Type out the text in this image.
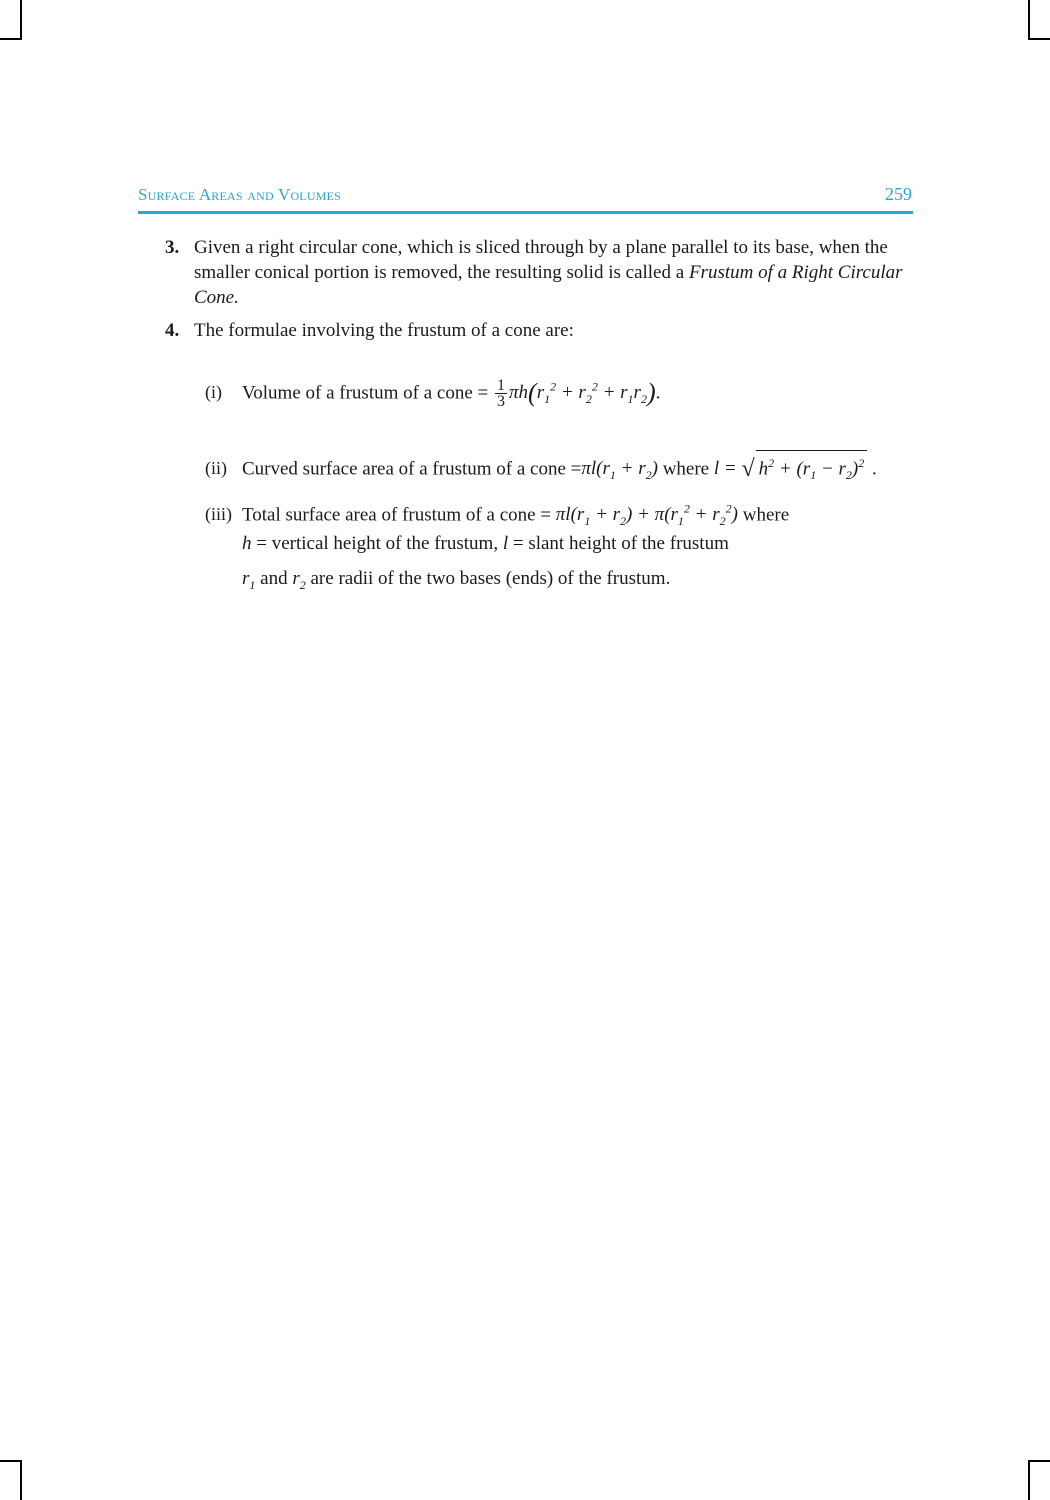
Surface Areas and Volumes	259
3. Given a right circular cone, which is sliced through by a plane parallel to its base, when the smaller conical portion is removed, the resulting solid is called a Frustum of a Right Circular Cone.
4. The formulae involving the frustum of a cone are:
(i) Volume of a frustum of a cone = $\frac{1}{3} \pi h(r_1^2 + r_2^2 + r_1r_2)$.
(ii) Curved surface area of a frustum of a cone $=\pi l(r_1 + r_2)$ where l = √ $h^2 + (r_1 - r_2)^2$ .
(iii) Total surface area of frustum of a cone = $\pi l(r_1 + r_2) + \pi(r_1^2 + r_2^2)$ where
h = vertical height of the frustum, l = slant height of the frustum
$r_1$ and $r_2$ are radii of the two bases (ends) of the frustum.
